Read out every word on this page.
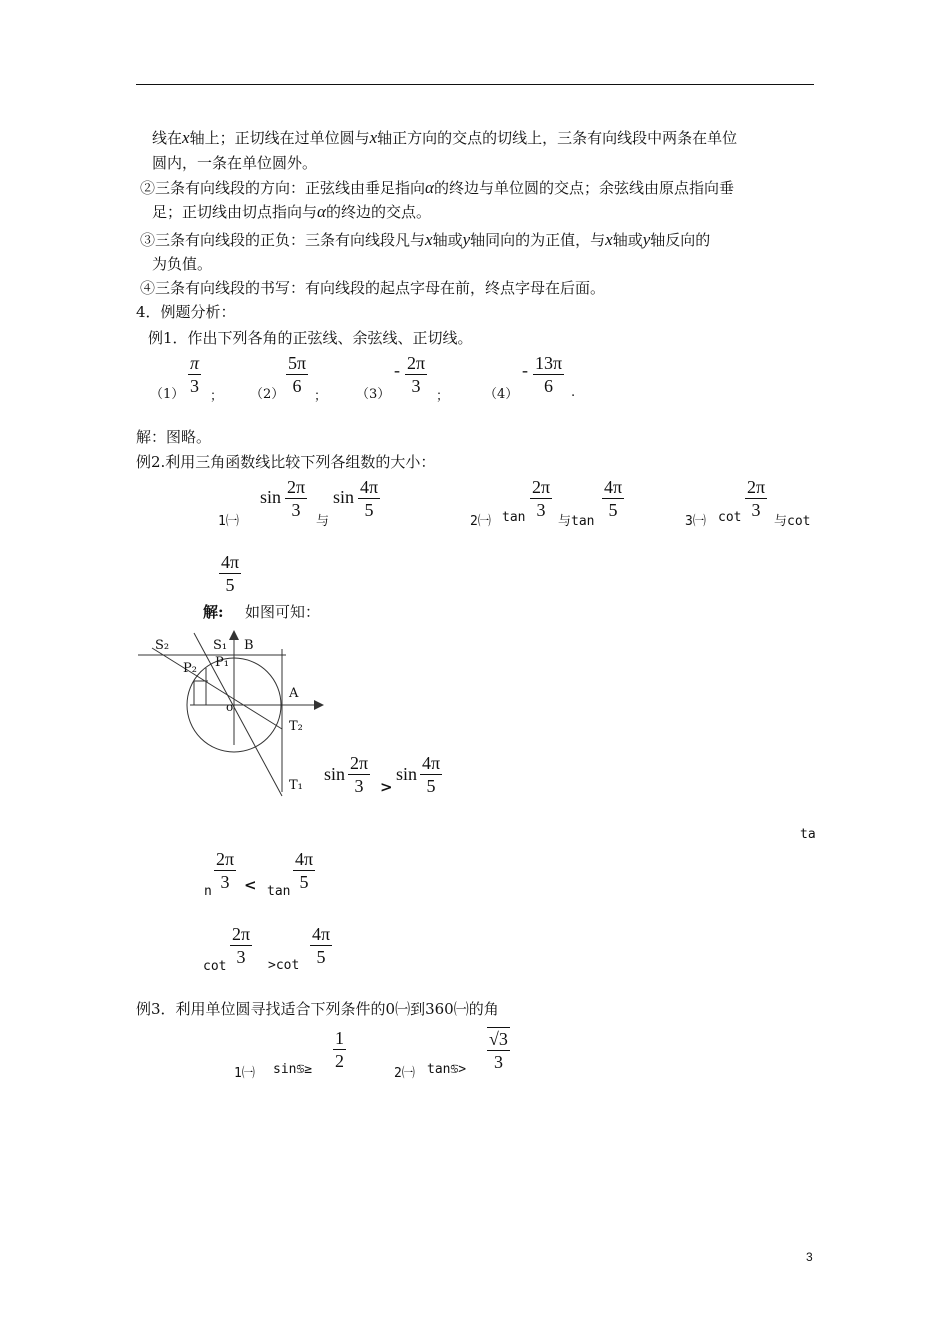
线在x轴上；正切线在过单位圆与x轴正方向的交点的切线上，三条有向线段中两条在单位
圆内，一条在单位圆外。
②三条有向线段的方向：正弦线由垂足指向α的终边与单位圆的交点；余弦线由原点指向垂
足；正切线由切点指向与α的终边的交点。
③三条有向线段的正负：三条有向线段凡与x轴或y轴同向的为正值，与x轴或y轴反向的
为负值。
④三条有向线段的书写：有向线段的起点字母在前，终点字母在后面。
4．例题分析：
例1．作出下列各角的正弦线、余弦线、正切线。
（1）
π
3
； （2）
5π
6
； （3）
- 2π
3
；	（4）
- 13π
6 .
解：图略。
例2.利用三角函数线比较下列各组数的大小：
1㈠
sin 2π
3
与
sin 4π
5
2㈠ tan
2π
3
与tan
4π
5
3㈠ cot
2π
3
与cot
4π
5
解: 如图可知：
S₂	S₁ B
P₂ P₁
A
o
T₂
T₁
sin
2π
3 >
sin
4π
5
ta
n
2π
3 < tan
4π
5
cot
2π
3 >cot
4π
5
例3．利用单位圆寻找适合下列条件的0㈠到360㈠的角
1㈠ sin♋≥
1
2
2㈠ tan♋>
√3
3
3
